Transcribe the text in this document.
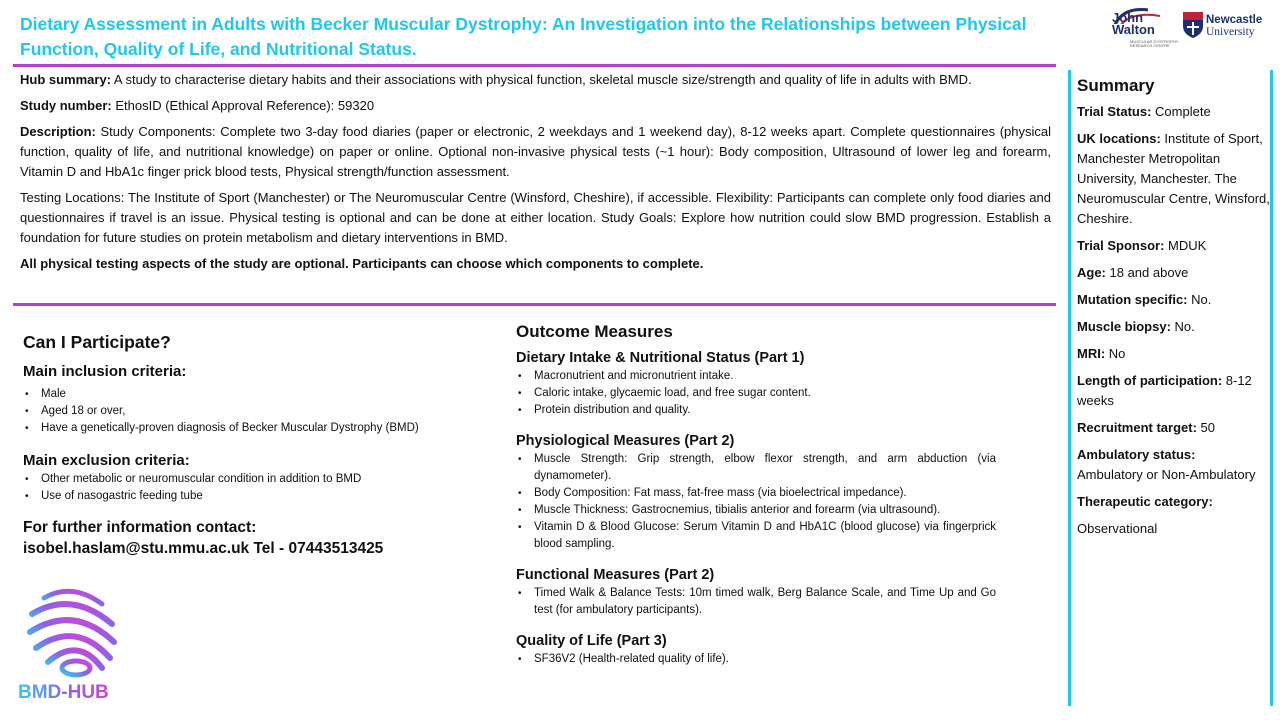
Dietary Assessment in Adults with Becker Muscular Dystrophy: An Investigation into the Relationships between Physical Function, Quality of Life, and Nutritional Status.
John
Walton
MUSCULAR DYSTROPHY RESEARCH CENTRE
Newcastle
University

Hub summary: A study to characterise dietary habits and their associations with physical function, skeletal muscle size/strength and quality of life in adults with BMD.

Study number: EthosID (Ethical Approval Reference): 59320

Description: Study Components: Complete two 3-day food diaries (paper or electronic, 2 weekdays and 1 weekend day), 8-12 weeks apart. Complete questionnaires (physical function, quality of life, and nutritional knowledge) on paper or online. Optional non-invasive physical tests (~1 hour): Body composition, Ultrasound of lower leg and forearm, Vitamin D and HbA1c finger prick blood tests, Physical strength/function assessment.

Testing Locations: The Institute of Sport (Manchester) or The Neuromuscular Centre (Winsford, Cheshire), if accessible. Flexibility: Participants can complete only food diaries and questionnaires if travel is an issue. Physical testing is optional and can be done at either location. Study Goals: Explore how nutrition could slow BMD progression. Establish a foundation for future studies on protein metabolism and dietary interventions in BMD.

All physical testing aspects of the study are optional. Participants can choose which components to complete.

Can I Participate?
Main inclusion criteria:
• Male
• Aged 18 or over,
• Have a genetically-proven diagnosis of Becker Muscular Dystrophy (BMD)
Main exclusion criteria:
• Other metabolic or neuromuscular condition in addition to BMD
• Use of nasogastric feeding tube
For further information contact:
isobel.haslam@stu.mmu.ac.uk Tel - 07443513425
BMD-HUB
Outcome Measures
Dietary Intake & Nutritional Status (Part 1)
• Macronutrient and micronutrient intake.
• Caloric intake, glycaemic load, and free sugar content.
• Protein distribution and quality.
Physiological Measures (Part 2)
• Muscle Strength: Grip strength, elbow flexor strength, and arm abduction (via dynamometer).
• Body Composition: Fat mass, fat-free mass (via bioelectrical impedance).
• Muscle Thickness: Gastrocnemius, tibialis anterior and forearm (via ultrasound).
• Vitamin D & Blood Glucose: Serum Vitamin D and HbA1C (blood glucose) via fingerprick blood sampling.
Functional Measures (Part 2)
• Timed Walk & Balance Tests: 10m timed walk, Berg Balance Scale, and Time Up and Go test (for ambulatory participants).
Quality of Life (Part 3)
• SF36V2 (Health-related quality of life).
Summary

Trial Status: Complete

UK locations: Institute of Sport, Manchester Metropolitan University, Manchester. The Neuromuscular Centre, Winsford, Cheshire.

Trial Sponsor: MDUK

Age: 18 and above

Mutation specific: No.

Muscle biopsy: No.

MRI: No

Length of participation: 8-12 weeks

Recruitment target: 50

Ambulatory status:
Ambulatory or Non-Ambulatory

Therapeutic category:

Observational
